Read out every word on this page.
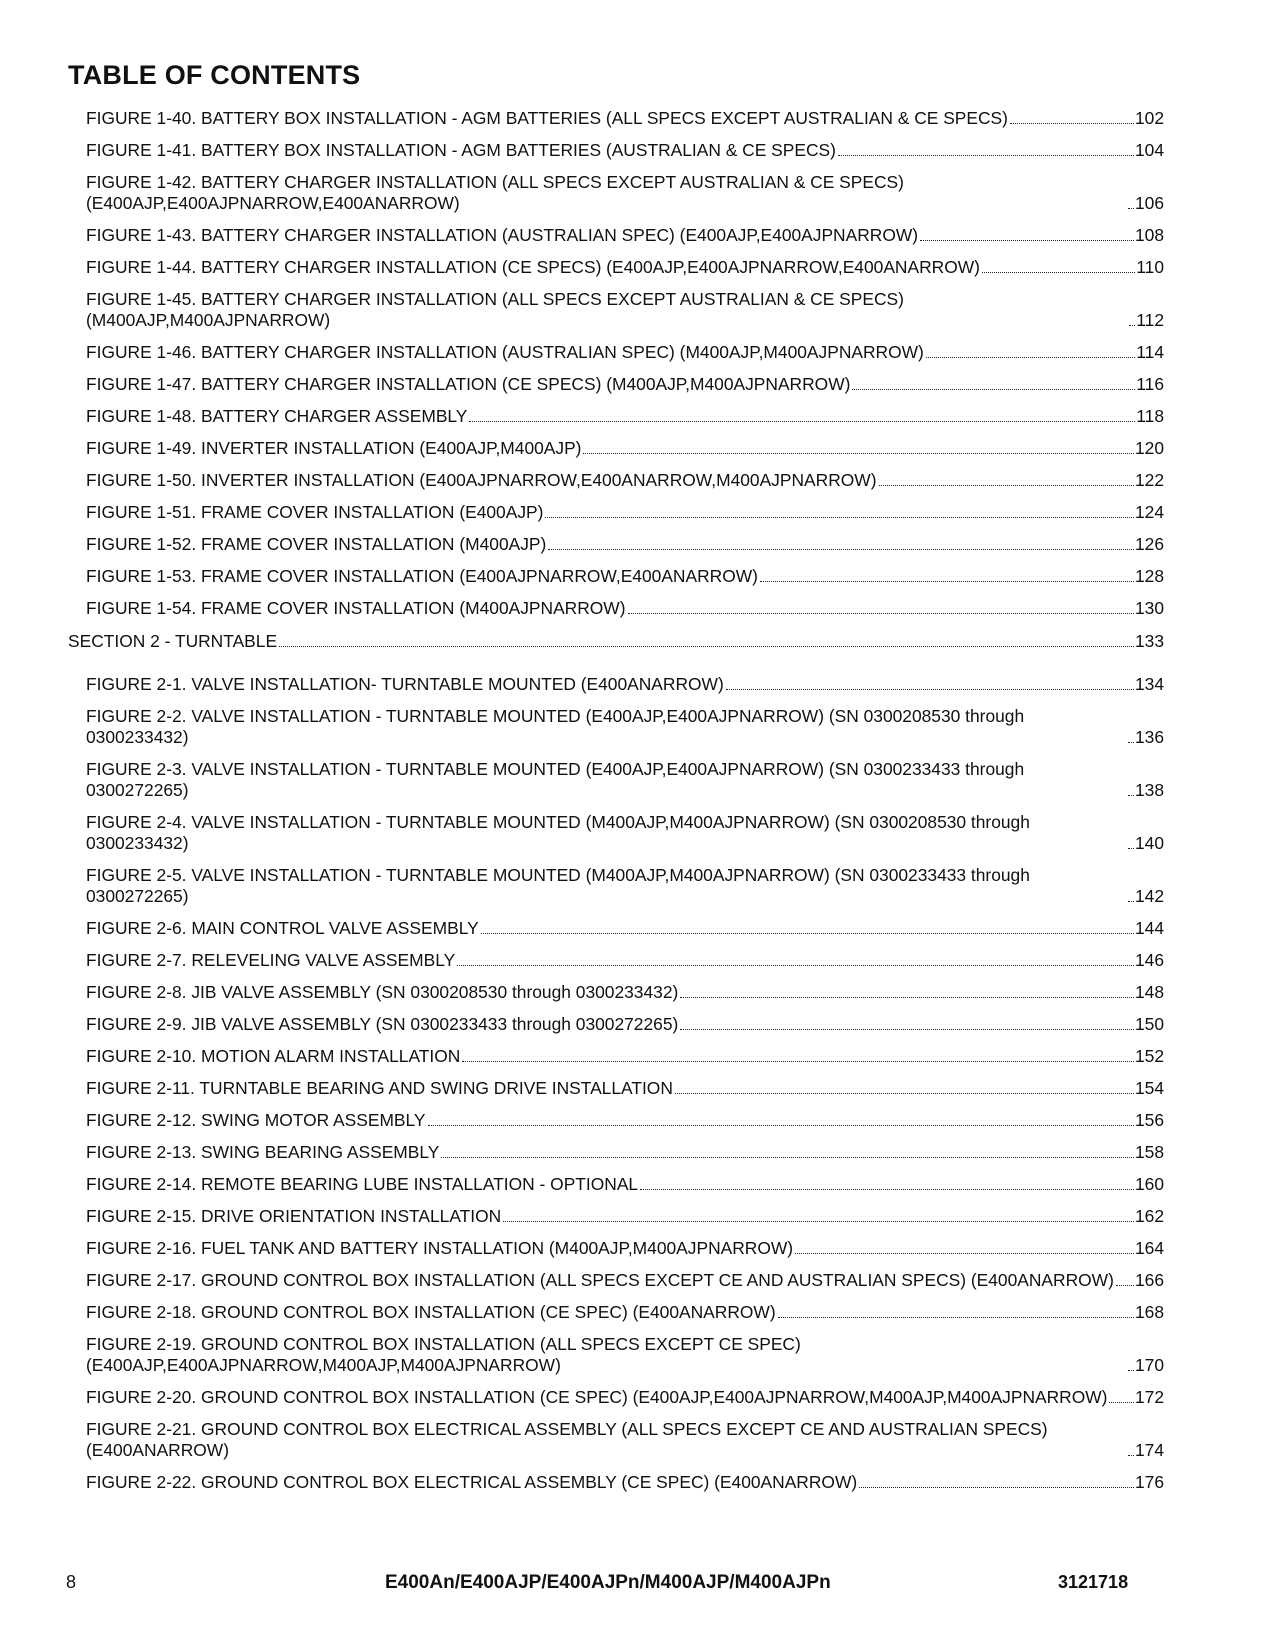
TABLE OF CONTENTS
FIGURE 1-40. BATTERY BOX INSTALLATION - AGM BATTERIES (ALL SPECS EXCEPT AUSTRALIAN & CE SPECS)	102
FIGURE 1-41. BATTERY BOX INSTALLATION - AGM BATTERIES (AUSTRALIAN & CE SPECS)	104
FIGURE 1-42. BATTERY CHARGER INSTALLATION (ALL SPECS EXCEPT AUSTRALIAN & CE SPECS) (E400AJP,E400AJPNARROW,E400ANARROW)	106
FIGURE 1-43. BATTERY CHARGER INSTALLATION (AUSTRALIAN SPEC) (E400AJP,E400AJPNARROW)	108
FIGURE 1-44. BATTERY CHARGER INSTALLATION (CE SPECS) (E400AJP,E400AJPNARROW,E400ANARROW)	110
FIGURE 1-45. BATTERY CHARGER INSTALLATION (ALL SPECS EXCEPT AUSTRALIAN & CE SPECS) (M400AJP,M400AJPNARROW)	112
FIGURE 1-46. BATTERY CHARGER INSTALLATION (AUSTRALIAN SPEC) (M400AJP,M400AJPNARROW)	114
FIGURE 1-47. BATTERY CHARGER INSTALLATION (CE SPECS) (M400AJP,M400AJPNARROW)	116
FIGURE 1-48. BATTERY CHARGER ASSEMBLY	118
FIGURE 1-49. INVERTER INSTALLATION (E400AJP,M400AJP)	120
FIGURE 1-50. INVERTER INSTALLATION (E400AJPNARROW,E400ANARROW,M400AJPNARROW)	122
FIGURE 1-51. FRAME COVER INSTALLATION (E400AJP)	124
FIGURE 1-52. FRAME COVER INSTALLATION (M400AJP)	126
FIGURE 1-53. FRAME COVER INSTALLATION (E400AJPNARROW,E400ANARROW)	128
FIGURE 1-54. FRAME COVER INSTALLATION (M400AJPNARROW)	130
SECTION 2 - TURNTABLE	133
FIGURE 2-1. VALVE INSTALLATION- TURNTABLE MOUNTED (E400ANARROW)	134
FIGURE 2-2. VALVE INSTALLATION - TURNTABLE MOUNTED (E400AJP,E400AJPNARROW) (SN 0300208530 through 0300233432)	136
FIGURE 2-3. VALVE INSTALLATION - TURNTABLE MOUNTED (E400AJP,E400AJPNARROW) (SN 0300233433 through 0300272265)	138
FIGURE 2-4. VALVE INSTALLATION - TURNTABLE MOUNTED (M400AJP,M400AJPNARROW) (SN 0300208530 through 0300233432)	140
FIGURE 2-5. VALVE INSTALLATION - TURNTABLE MOUNTED (M400AJP,M400AJPNARROW) (SN 0300233433 through 0300272265)	142
FIGURE 2-6. MAIN CONTROL VALVE ASSEMBLY	144
FIGURE 2-7. RELEVELING VALVE ASSEMBLY	146
FIGURE 2-8. JIB VALVE ASSEMBLY (SN 0300208530 through 0300233432)	148
FIGURE 2-9. JIB VALVE ASSEMBLY (SN 0300233433 through 0300272265)	150
FIGURE 2-10. MOTION ALARM INSTALLATION	152
FIGURE 2-11. TURNTABLE BEARING AND SWING DRIVE INSTALLATION	154
FIGURE 2-12. SWING MOTOR ASSEMBLY	156
FIGURE 2-13. SWING BEARING ASSEMBLY	158
FIGURE 2-14. REMOTE BEARING LUBE INSTALLATION - OPTIONAL	160
FIGURE 2-15. DRIVE ORIENTATION INSTALLATION	162
FIGURE 2-16. FUEL TANK AND BATTERY INSTALLATION (M400AJP,M400AJPNARROW)	164
FIGURE 2-17. GROUND CONTROL BOX INSTALLATION (ALL SPECS EXCEPT CE AND AUSTRALIAN SPECS) (E400ANARROW) 166
FIGURE 2-18. GROUND CONTROL BOX INSTALLATION (CE SPEC) (E400ANARROW)	168
FIGURE 2-19. GROUND CONTROL BOX INSTALLATION (ALL SPECS EXCEPT CE SPEC) (E400AJP,E400AJPNARROW,M400AJP,M400AJPNARROW)	170
FIGURE 2-20. GROUND CONTROL BOX INSTALLATION (CE SPEC) (E400AJP,E400AJPNARROW,M400AJP,M400AJPNARROW) 172
FIGURE 2-21. GROUND CONTROL BOX ELECTRICAL ASSEMBLY (ALL SPECS EXCEPT CE AND AUSTRALIAN SPECS) (E400ANARROW)	174
FIGURE 2-22. GROUND CONTROL BOX ELECTRICAL ASSEMBLY (CE SPEC) (E400ANARROW)	176
8	E400An/E400AJP/E400AJPn/M400AJP/M400AJPn	3121718
